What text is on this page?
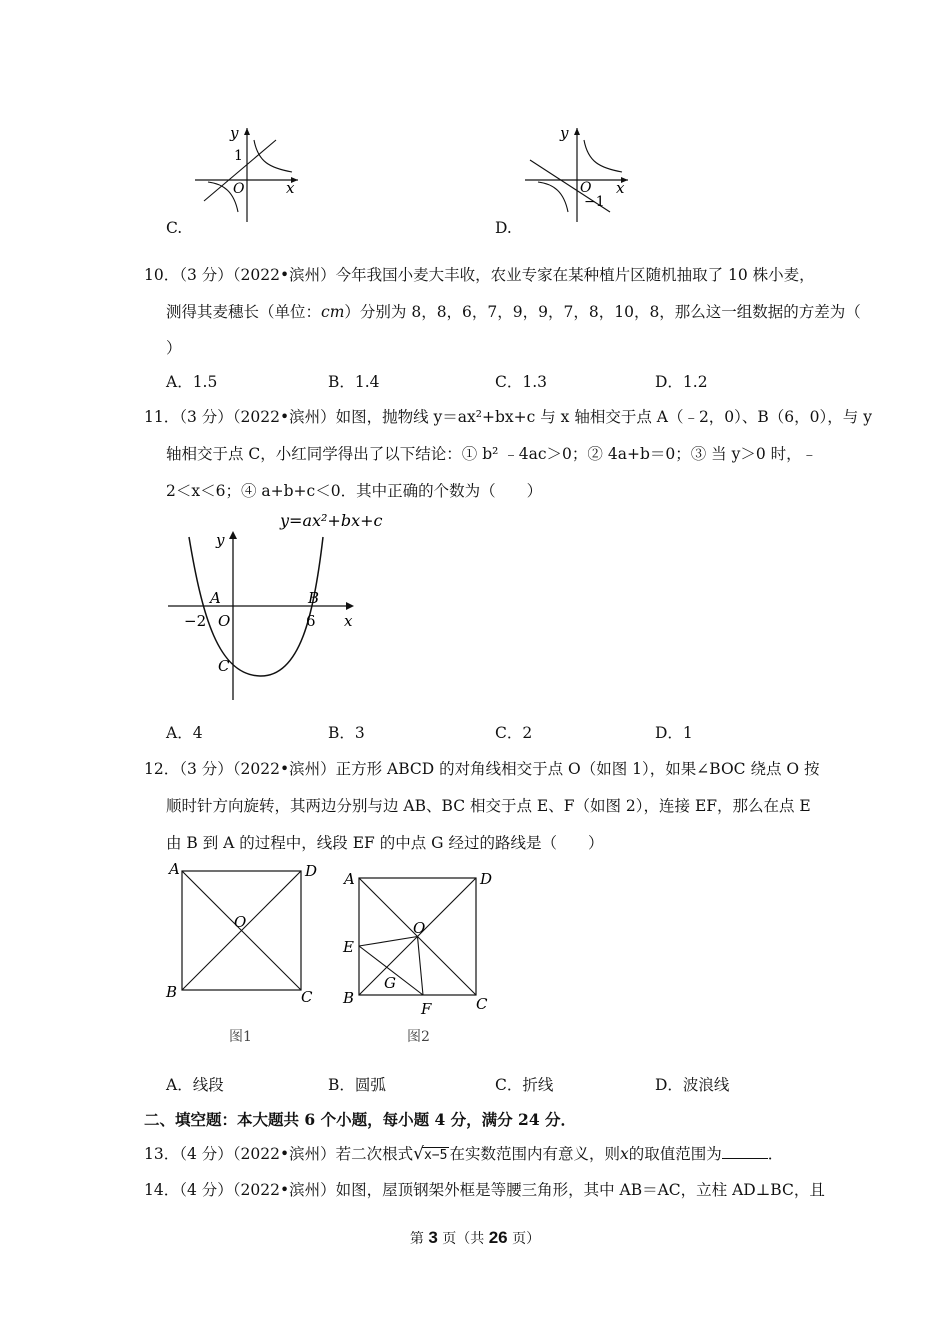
y
1
O	x
C.
y
O
−1
x
D.
10．（3 分）（2022•滨州）今年我国小麦大丰收，农业专家在某种植片区随机抽取了 10 株小麦，
测得其麦穗长（单位：cm）分别为 8，8，6，7，9，9，7，8，10，8，那么这一组数据的方差为（
）
A．1.5	B．1.4	C．1.3	D．1.2
11．（3 分）（2022•滨州）如图，抛物线 y＝ax²+bx+c 与 x 轴相交于点 A（﹣2，0）、B（6，0），与 y
轴相交于点 C，小红同学得出了以下结论：① b² ﹣4ac＞0；② 4a+b＝0；③ 当 y＞0 时，﹣
2＜x＜6；④ a+b+c＜0．其中正确的个数为（　　）
y=ax²+bx+c
y
A	B
−2 O	6 x
C
A．4	B．3	C．2	D．1
12．（3 分）（2022•滨州）正方形 ABCD 的对角线相交于点 O（如图 1），如果∠BOC 绕点 O 按
顺时针方向旋转，其两边分别与边 AB、BC 相交于点 E、F（如图 2），连接 EF，那么在点 E
由 B 到 A 的过程中，线段 EF 的中点 G 经过的路线是（　　）
A	D
O
B	C
图1
A	D
O
E
G
B
F	C
图2
A．线段	B．圆弧	C．折线	D．波浪线
二、填空题：本大题共 6 个小题，每小题 4 分，满分 24 分．
13．（4 分）（2022•滨州）若二次根式√x−5 在实数范围内有意义，则x的取值范围为	．
14．（4 分）（2022•滨州）如图，屋顶钢架外框是等腰三角形，其中 AB＝AC，立柱 AD⊥BC，且
第 3 页（共 26 页）
